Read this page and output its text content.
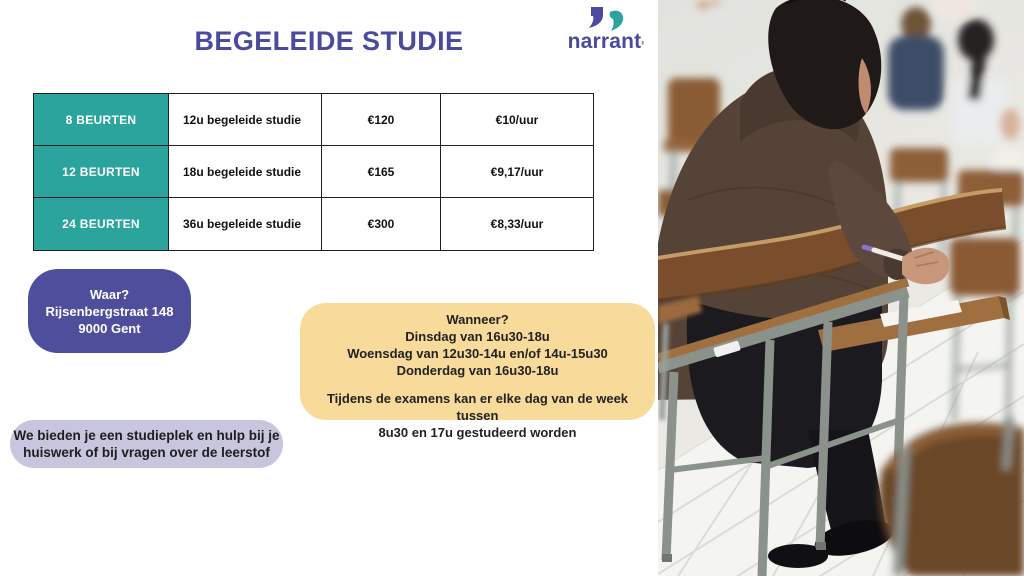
BEGELEIDE STUDIE	narrant❜
8 BEURTEN	12u begeleide studie	€120	€10/uur
12 BEURTEN	18u begeleide studie	€165	€9,17/uur
24 BEURTEN	36u begeleide studie	€300	€8,33/uur
Waar?
Rijsenbergstraat 148
9000 Gent
Wanneer?
Dinsdag van 16u30-18u
Woensdag van 12u30-14u en/of 14u-15u30
Donderdag van 16u30-18u
Tijdens de examens kan er elke dag van de week tussen
8u30 en 17u gestudeerd worden
We bieden je een studieplek en hulp bij je
huiswerk of bij vragen over de leerstof
